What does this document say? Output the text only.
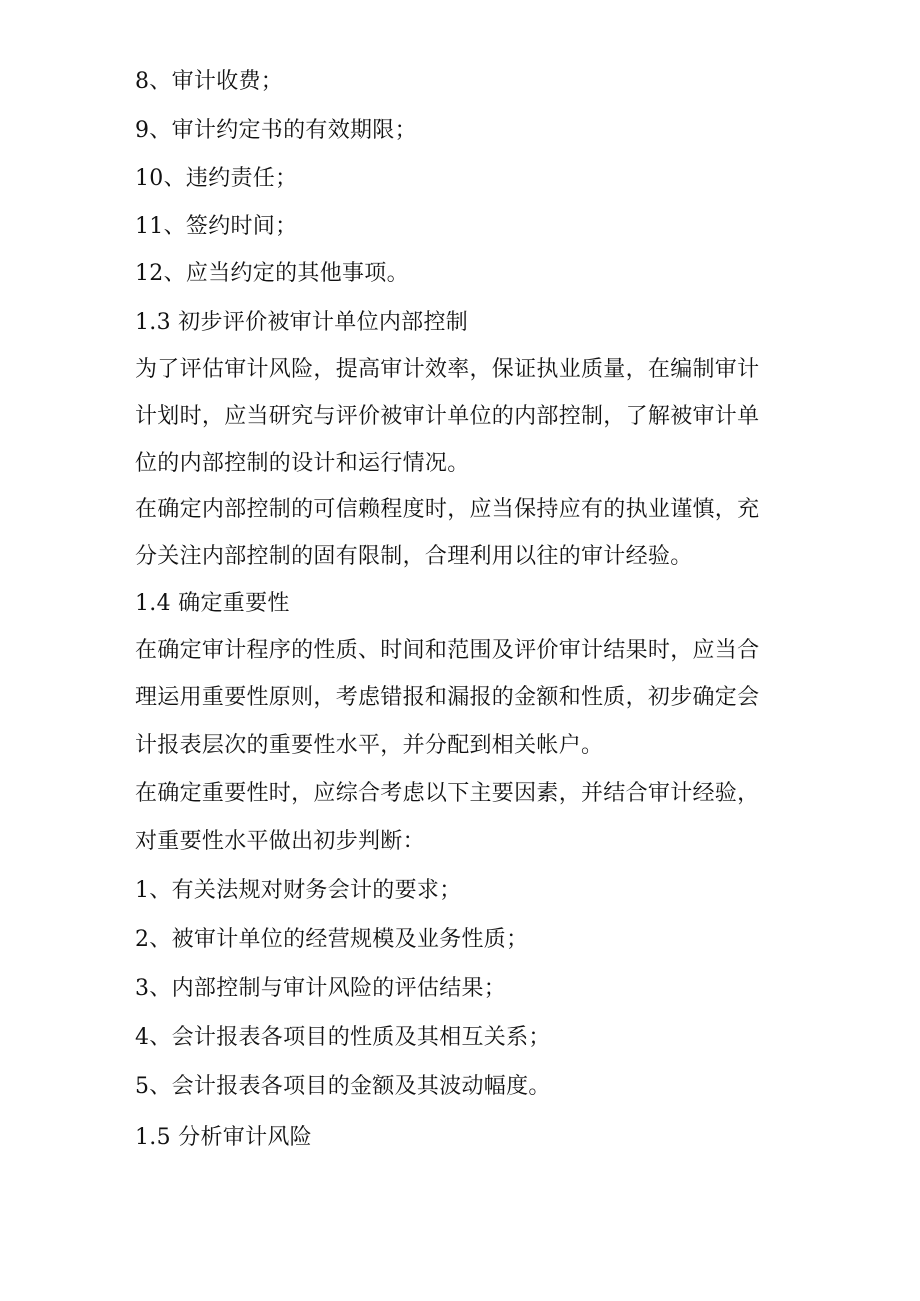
8、审计收费；
9、审计约定书的有效期限；
10、违约责任；
11、签约时间；
12、应当约定的其他事项。
1.3 初步评价被审计单位内部控制
为了评估审计风险，提高审计效率，保证执业质量，在编制审计
计划时，应当研究与评价被审计单位的内部控制，了解被审计单
位的内部控制的设计和运行情况。
在确定内部控制的可信赖程度时，应当保持应有的执业谨慎，充
分关注内部控制的固有限制，合理利用以往的审计经验。
1.4 确定重要性
在确定审计程序的性质、时间和范围及评价审计结果时，应当合
理运用重要性原则，考虑错报和漏报的金额和性质，初步确定会
计报表层次的重要性水平，并分配到相关帐户。
在确定重要性时，应综合考虑以下主要因素，并结合审计经验，
对重要性水平做出初步判断：
1、有关法规对财务会计的要求；
2、被审计单位的经营规模及业务性质；
3、内部控制与审计风险的评估结果；
4、会计报表各项目的性质及其相互关系；
5、会计报表各项目的金额及其波动幅度。
1.5 分析审计风险
